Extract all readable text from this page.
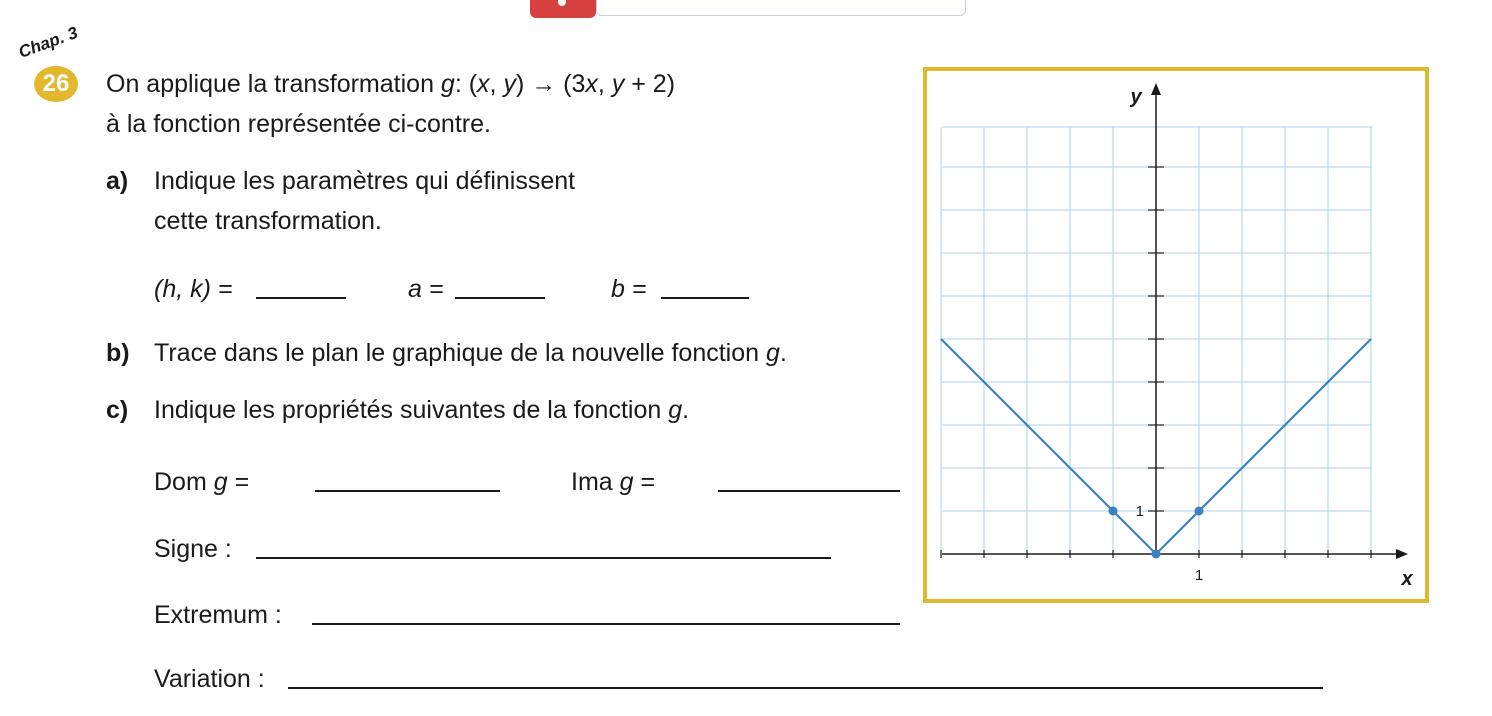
Chap. 3
26	On applique la transformation g: (x, y) → (3x, y + 2)
à la fonction représentée ci-contre.
a) Indique les paramètres qui définissent
cette transformation.
(h, k) =	a =	b =
b) Trace dans le plan le graphique de la nouvelle fonction g.
c) Indique les propriétés suivantes de la fonction g.
Dom g =	Ima g =
Signe :
Extremum :
Variation :
1
1
x
y
